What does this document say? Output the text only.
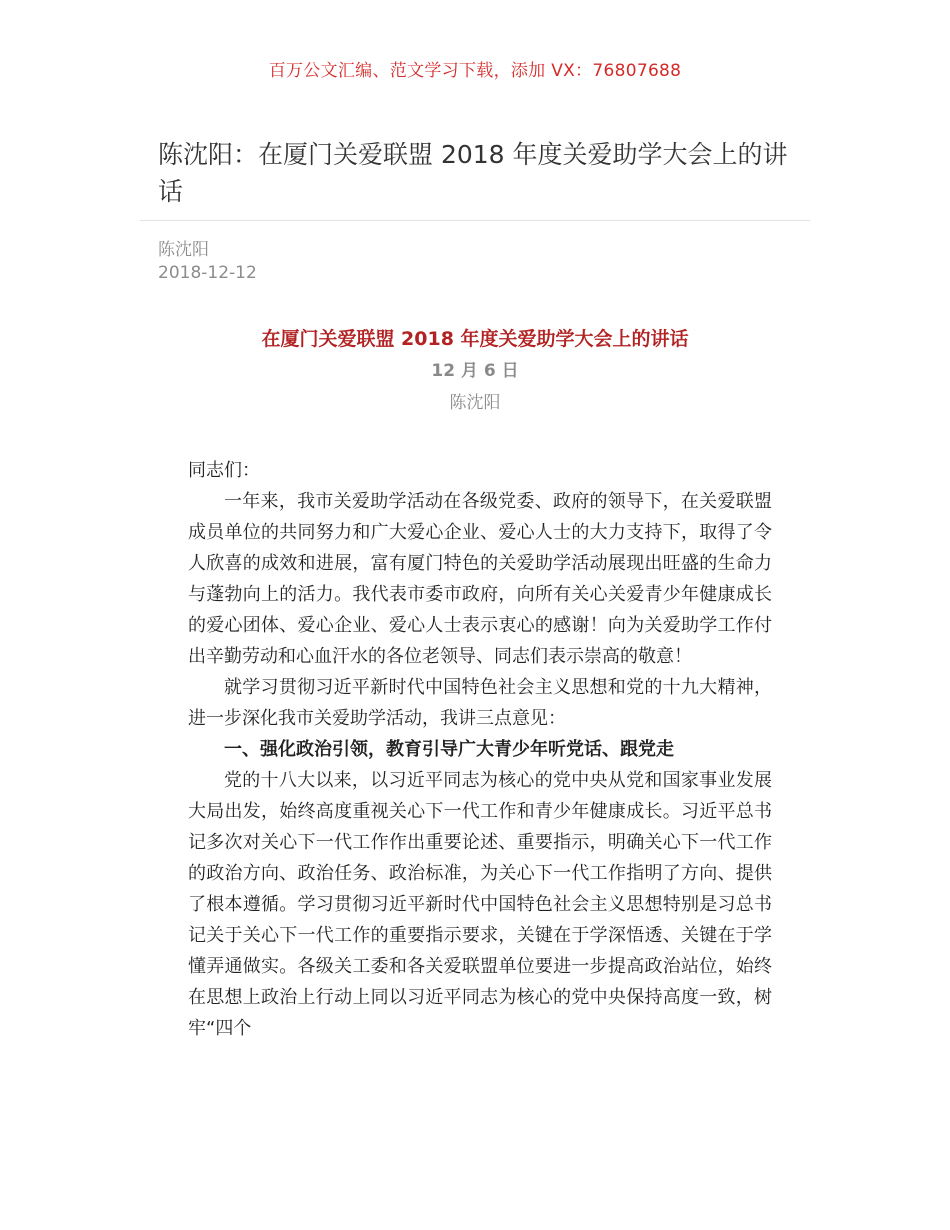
百万公文汇编、范文学习下载，添加 VX：76807688
陈沈阳：在厦门关爱联盟 2018 年度关爱助学大会上的讲话
陈沈阳
2018-12-12
在厦门关爱联盟 2018 年度关爱助学大会上的讲话
12 月 6 日
陈沈阳

同志们：

一年来，我市关爱助学活动在各级党委、政府的领导下，在关爱联盟成员单位的共同努力和广大爱心企业、爱心人士的大力支持下，取得了令人欣喜的成效和进展，富有厦门特色的关爱助学活动展现出旺盛的生命力与蓬勃向上的活力。我代表市委市政府，向所有关心关爱青少年健康成长的爱心团体、爱心企业、爱心人士表示衷心的感谢！向为关爱助学工作付出辛勤劳动和心血汗水的各位老领导、同志们表示崇高的敬意！

就学习贯彻习近平新时代中国特色社会主义思想和党的十九大精神，进一步深化我市关爱助学活动，我讲三点意见：

一、强化政治引领，教育引导广大青少年听党话、跟党走

党的十八大以来，以习近平同志为核心的党中央从党和国家事业发展大局出发，始终高度重视关心下一代工作和青少年健康成长。习近平总书记多次对关心下一代工作作出重要论述、重要指示，明确关心下一代工作的政治方向、政治任务、政治标准，为关心下一代工作指明了方向、提供了根本遵循。学习贯彻习近平新时代中国特色社会主义思想特别是习总书记关于关心下一代工作的重要指示要求，关键在于学深悟透、关键在于学懂弄通做实。各级关工委和各关爱联盟单位要进一步提高政治站位，始终在思想上政治上行动上同以习近平同志为核心的党中央保持高度一致，树牢“四个
